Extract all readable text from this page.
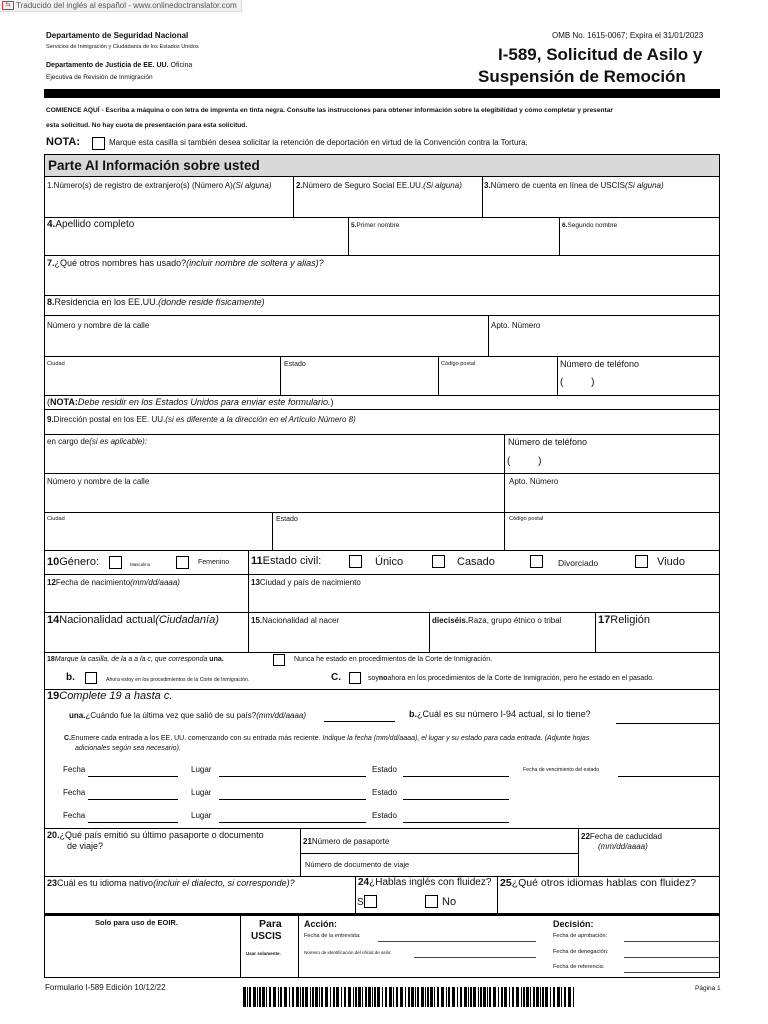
⇆ Traducido del inglés al español - www.onlinedoctranslator.com
Departamento de Seguridad Nacional
Servicios de Inmigración y Ciudadanía de los Estados Unidos
Departamento de Justicia de EE. UU. Oficina
Ejecutiva de Revisión de Inmigración
OMB No. 1615-0067; Expira el 31/01/2023
I-589, Solicitud de Asilo y
Suspensión de Remoción
COMIENCE AQUÍ - Escriba a máquina o con letra de imprenta en tinta negra. Consulte las instrucciones para obtener información sobre la elegibilidad y cómo completar y presentar
esta solicitud. No hay cuota de presentación para esta solicitud.
NOTA:	Marque esta casilla si también desea solicitar la retención de deportación en virtud de la Convención contra la Tortura.
Parte AI Información sobre usted
1.Número(s) de registro de extranjero(s) (Número A)(Si alguna)	2.Número de Seguro Social EE.UU.(Si alguna)	3.Número de cuenta en línea de USCIS(Si alguna)
4.Apellido completo	5.Primer nombre	6.Segundo nombre
7.¿Qué otros nombres has usado?(incluir nombre de soltera y alias)?
8.Residencia en los EE.UU.(donde reside físicamente)
Número y nombre de la calle	Apto. Número
Ciudad	Estado	Código postal	Número de teléfono
(          )
(NOTA:Debe residir en los Estados Unidos para enviar este formulario.)
9.Dirección postal en los EE. UU.(si es diferente a la dirección en el Artículo Número 8)
en cargo de(si es aplicable):	Número de teléfono
(          )
Número y nombre de la calle	Apto. Número
Ciudad	Estado	Código postal
10Género:	Masculino	Femenino 11Estado civil:	Único	Casado	Divorciado	Viudo
12Fecha de nacimiento(mm/dd/aaaa)	13Ciudad y país de nacimiento
14Nacionalidad actual(Ciudadanía)	15.Nacionalidad al nacer	dieciséis.Raza, grupo étnico o tribal	17Religión
18Marque la casilla, de la a a la c, que corresponda una.	Nunca he estado en procedimientos de la Corte de Inmigración.
b.	Ahora estoy en los procedimientos de la Corte de Inmigración.	C.	soynoahora en los procedimientos de la Corte de Inmigración, pero he estado en el pasado.
19Complete 19 a hasta c.
una.¿Cuándo fue la última vez que salió de su país?(mm/dd/aaaa)	b.¿Cuál es su número I-94 actual, si lo tiene?
C.Enumere cada entrada a los EE. UU. comenzando con su entrada más reciente. Indique la fecha (mm/dd/aaaa), el lugar y su estado para cada entrada. (Adjunte hojas
adicionales según sea necesario).
Fecha	Lugar	Estado	Fecha de vencimiento del estado
Fecha	Lugar	Estado
Fecha	Lugar	Estado
20.¿Qué país emitió su último pasaporte o documento
de viaje?	21Número de pasaporte
Número de documento de viaje
22Fecha de caducidad
(mm/dd/aaaa)
23Cuál es tu idioma nativo(incluir el dialecto, si corresponde)?	24¿Hablas inglés con fluidez?
S	No
25¿Qué otros idiomas hablas con fluidez?
Solo para uso de EOIR.	Para
USCIS
Usar solamente.
Acción:
Fecha de la entrevista:
Número de identificación del oficial de asilo:
Decisión:
Fecha de aprobación:
Fecha de denegación:
Fecha de referencia:
Formulario I-589 Edición 10/12/22	Página 1
